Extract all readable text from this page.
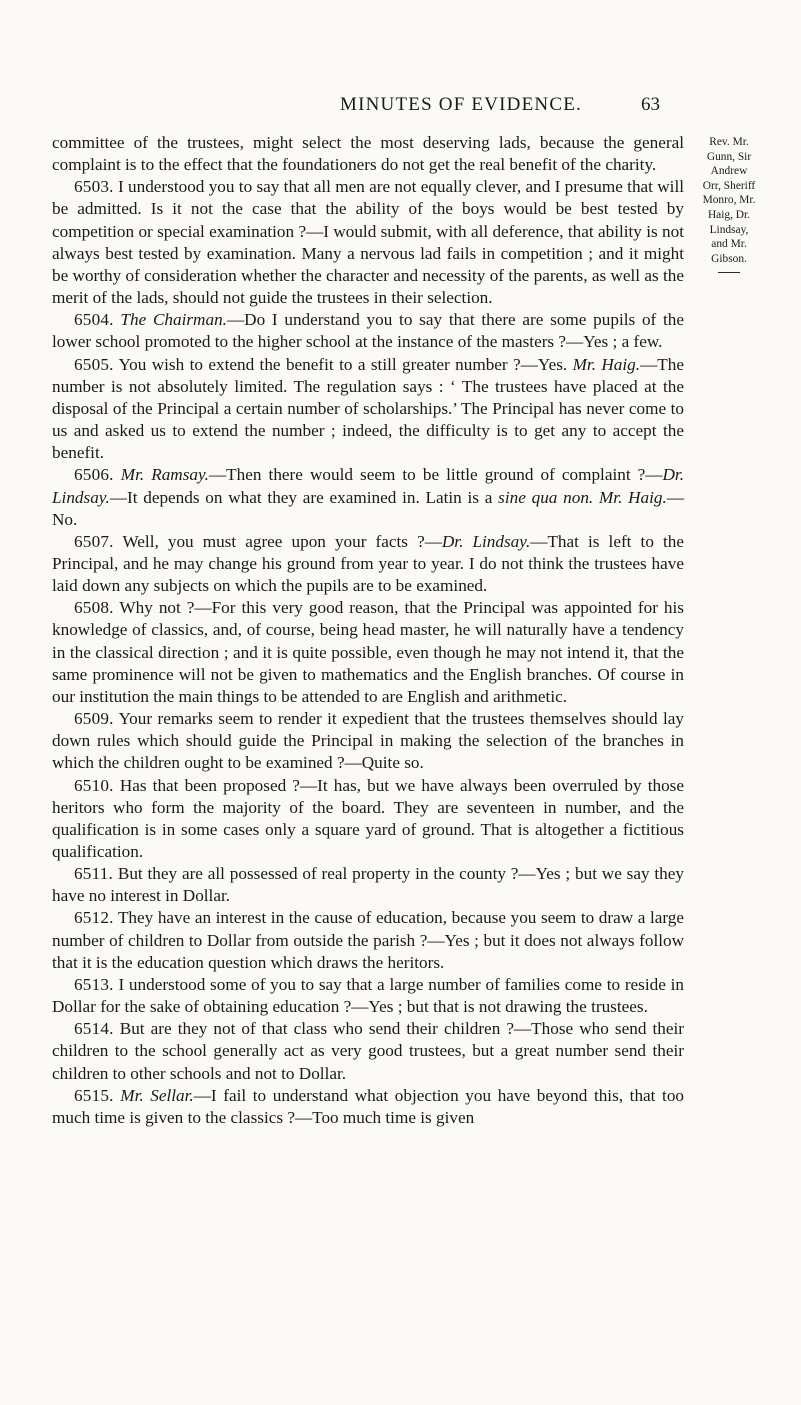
MINUTES OF EVIDENCE.	63
Rev. Mr.
Gunn, Sir
Andrew
Orr, Sheriff
Monro, Mr.
Haig, Dr.
Lindsay,
and Mr.
Gibson.

committee of the trustees, might select the most deserving lads, because the general complaint is to the effect that the foundationers do not get the real benefit of the charity.

6503. I understood you to say that all men are not equally clever, and I presume that will be admitted. Is it not the case that the ability of the boys would be best tested by competition or special examination ?—I would submit, with all deference, that ability is not always best tested by examination. Many a nervous lad fails in competition ; and it might be worthy of consideration whether the character and necessity of the parents, as well as the merit of the lads, should not guide the trustees in their selection.

6504. The Chairman.—Do I understand you to say that there are some pupils of the lower school promoted to the higher school at the instance of the masters ?—Yes ; a few.

6505. You wish to extend the benefit to a still greater number ?—Yes. Mr. Haig.—The number is not absolutely limited. The regulation says : ‘ The trustees have placed at the disposal of the Principal a certain number of scholarships.’ The Principal has never come to us and asked us to extend the number ; indeed, the difficulty is to get any to accept the benefit.

6506. Mr. Ramsay.—Then there would seem to be little ground of complaint ?—Dr. Lindsay.—It depends on what they are examined in. Latin is a sine qua non. Mr. Haig.—No.

6507. Well, you must agree upon your facts ?—Dr. Lindsay.—That is left to the Principal, and he may change his ground from year to year. I do not think the trustees have laid down any subjects on which the pupils are to be examined.

6508. Why not ?—For this very good reason, that the Principal was appointed for his knowledge of classics, and, of course, being head master, he will naturally have a tendency in the classical direction ; and it is quite possible, even though he may not intend it, that the same prominence will not be given to mathematics and the English branches. Of course in our institution the main things to be attended to are English and arithmetic.

6509. Your remarks seem to render it expedient that the trustees themselves should lay down rules which should guide the Principal in making the selection of the branches in which the children ought to be examined ?—Quite so.

6510. Has that been proposed ?—It has, but we have always been overruled by those heritors who form the majority of the board. They are seventeen in number, and the qualification is in some cases only a square yard of ground. That is altogether a fictitious qualification.

6511. But they are all possessed of real property in the county ?—Yes ; but we say they have no interest in Dollar.

6512. They have an interest in the cause of education, because you seem to draw a large number of children to Dollar from outside the parish ?—Yes ; but it does not always follow that it is the education question which draws the heritors.

6513. I understood some of you to say that a large number of families come to reside in Dollar for the sake of obtaining education ?—Yes ; but that is not drawing the trustees.

6514. But are they not of that class who send their children ?—Those who send their children to the school generally act as very good trustees, but a great number send their children to other schools and not to Dollar.

6515. Mr. Sellar.—I fail to understand what objection you have beyond this, that too much time is given to the classics ?—Too much time is given
